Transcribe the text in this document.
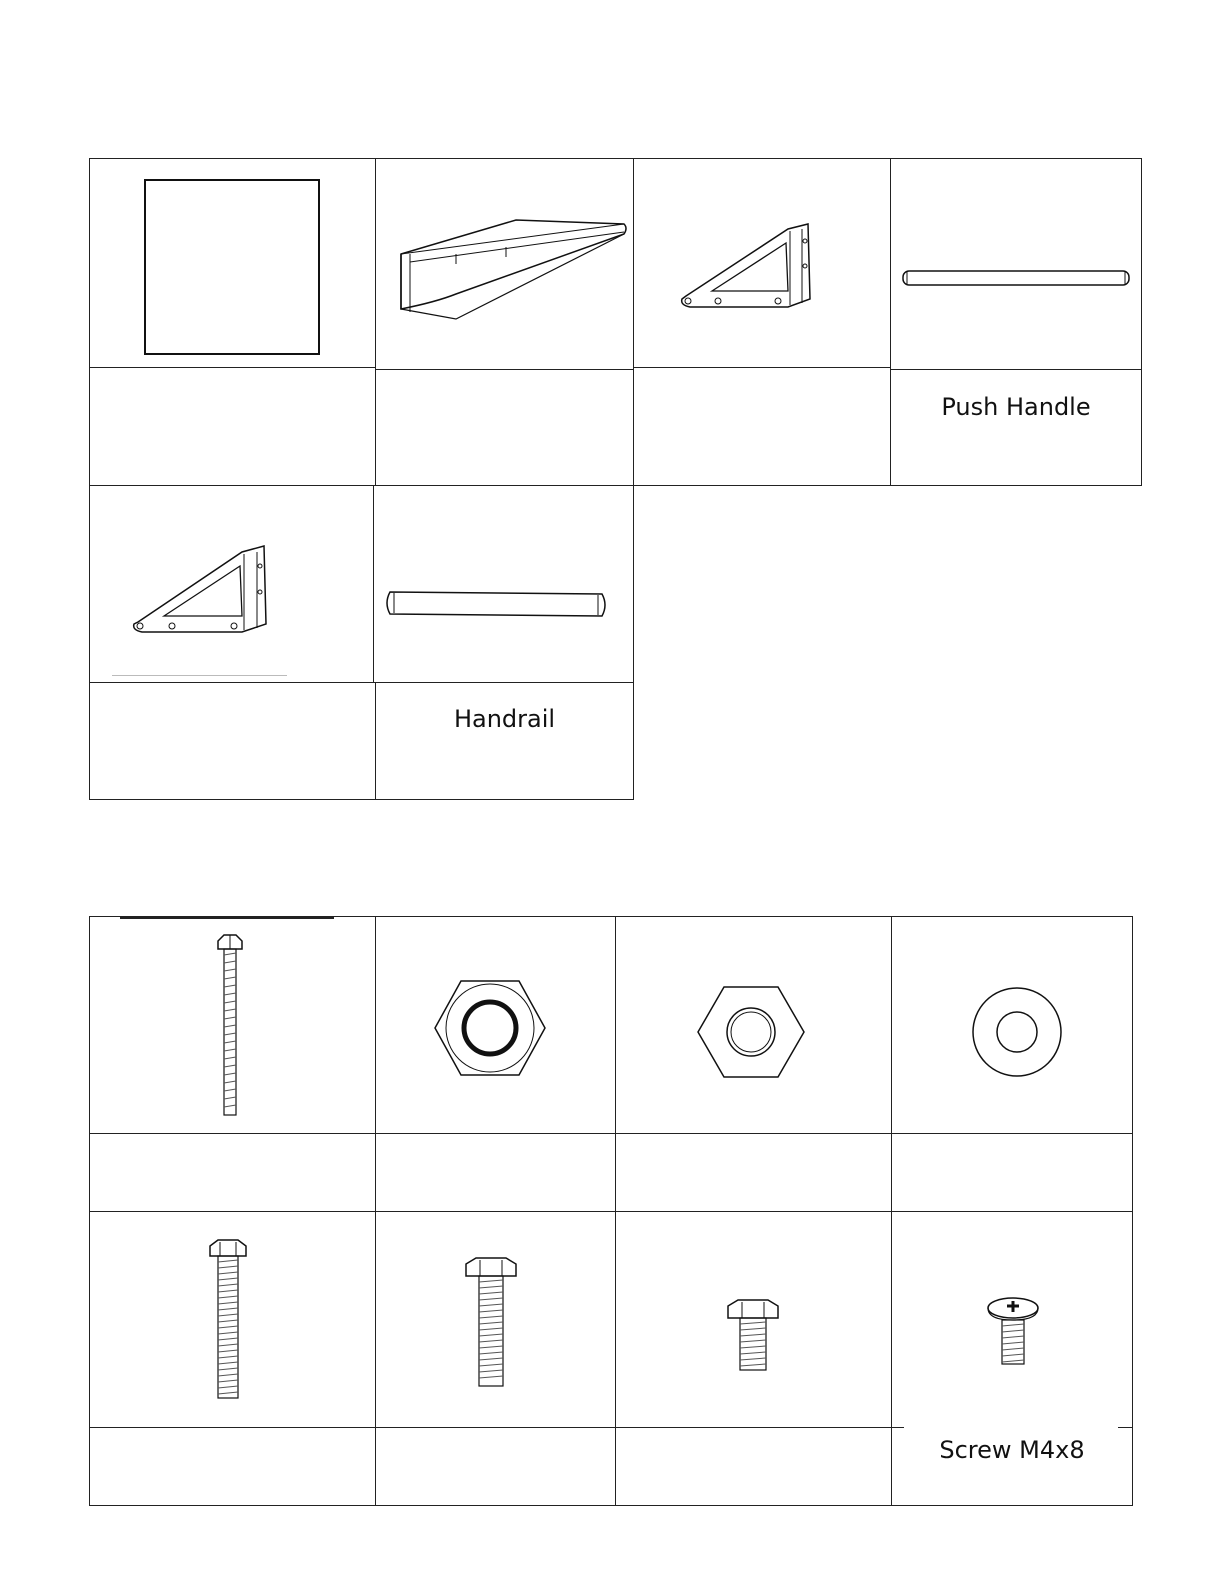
Push Handle
Handrail
Screw M4x8
